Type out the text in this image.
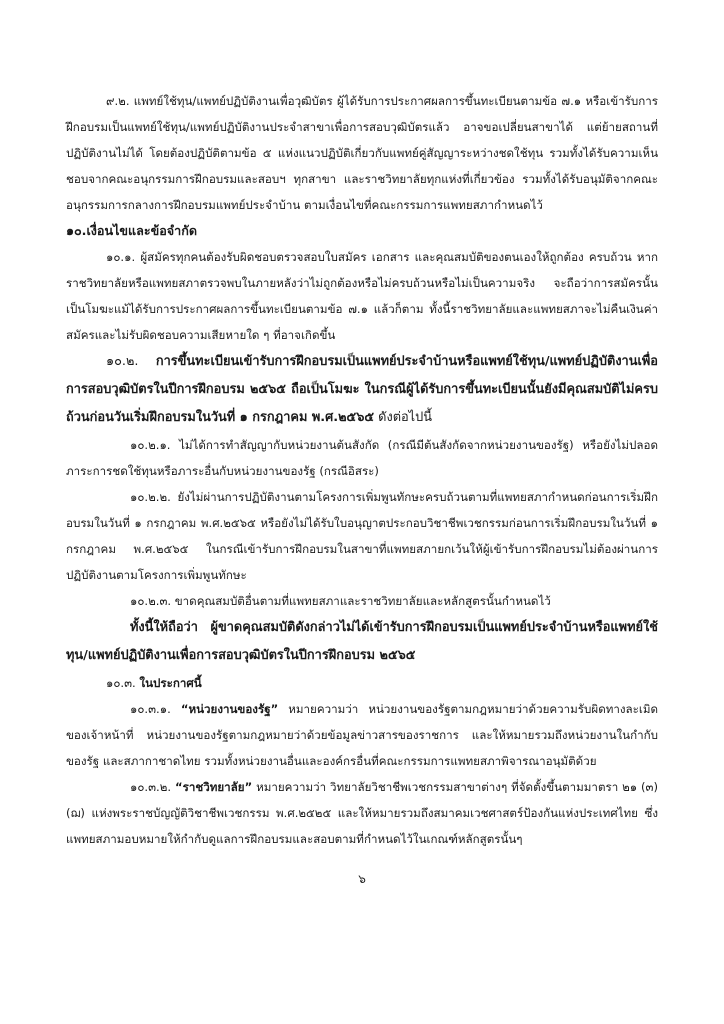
๙.๒. แพทย์ใช้ทุน/แพทย์ปฏิบัติงานเพื่อวุฒิบัตร ผู้ได้รับการประกาศผลการขึ้นทะเบียนตามข้อ ๗.๑ หรือเข้ารับการฝึกอบรมเป็นแพทย์ใช้ทุน/แพทย์ปฏิบัติงานประจำสาขาเพื่อการสอบวุฒิบัตรแล้ว อาจขอเปลี่ยนสาขาได้ แต่ย้ายสถานที่ปฏิบัติงานไม่ได้ โดยต้องปฏิบัติตามข้อ ๕ แห่งแนวปฏิบัติเกี่ยวกับแพทย์คู่สัญญาระหว่างชดใช้ทุน รวมทั้งได้รับความเห็นชอบจากคณะอนุกรรมการฝึกอบรมและสอบฯ ทุกสาขา และราชวิทยาลัยทุกแห่งที่เกี่ยวข้อง รวมทั้งได้รับอนุมัติจากคณะอนุกรรมการกลางการฝึกอบรมแพทย์ประจำบ้าน ตามเงื่อนไขที่คณะกรรมการแพทยสภากำหนดไว้

๑๐.เงื่อนไขและข้อจำกัด

๑๐.๑. ผู้สมัครทุกคนต้องรับผิดชอบตรวจสอบใบสมัคร เอกสาร และคุณสมบัติของตนเองให้ถูกต้อง ครบถ้วน หากราชวิทยาลัยหรือแพทยสภาตรวจพบในภายหลังว่าไม่ถูกต้องหรือไม่ครบถ้วนหรือไม่เป็นความจริง จะถือว่าการสมัครนั้นเป็นโมฆะแม้ได้รับการประกาศผลการขึ้นทะเบียนตามข้อ ๗.๑ แล้วก็ตาม ทั้งนี้ราชวิทยาลัยและแพทยสภาจะไม่คืนเงินค่าสมัครและไม่รับผิดชอบความเสียหายใด ๆ ที่อาจเกิดขึ้น

๑๐.๒. การขึ้นทะเบียนเข้ารับการฝึกอบรมเป็นแพทย์ประจำบ้านหรือแพทย์ใช้ทุน/แพทย์ปฏิบัติงานเพื่อการสอบวุฒิบัตรในปีการฝึกอบรม ๒๕๖๕ ถือเป็นโมฆะ ในกรณีผู้ได้รับการขึ้นทะเบียนนั้นยังมีคุณสมบัติไม่ครบถ้วนก่อนวันเริ่มฝึกอบรมในวันที่ ๑ กรกฎาคม พ.ศ.๒๕๖๕ ดังต่อไปนี้

๑๐.๒.๑. ไม่ได้การทำสัญญากับหน่วยงานต้นสังกัด (กรณีมีต้นสังกัดจากหน่วยงานของรัฐ) หรือยังไม่ปลอดภาระการชดใช้ทุนหรือภาระอื่นกับหน่วยงานของรัฐ (กรณีอิสระ)

๑๐.๒.๒. ยังไม่ผ่านการปฏิบัติงานตามโครงการเพิ่มพูนทักษะครบถ้วนตามที่แพทยสภากำหนดก่อนการเริ่มฝึกอบรมในวันที่ ๑ กรกฎาคม พ.ศ.๒๕๖๕ หรือยังไม่ได้รับใบอนุญาตประกอบวิชาชีพเวชกรรมก่อนการเริ่มฝึกอบรมในวันที่ ๑ กรกฎาคม พ.ศ.๒๕๖๕ ในกรณีเข้ารับการฝึกอบรมในสาขาที่แพทยสภายกเว้นให้ผู้เข้ารับการฝึกอบรมไม่ต้องผ่านการปฏิบัติงานตามโครงการเพิ่มพูนทักษะ

๑๐.๒.๓. ขาดคุณสมบัติอื่นตามที่แพทยสภาและราชวิทยาลัยและหลักสูตรนั้นกำหนดไว้

ทั้งนี้ให้ถือว่า ผู้ขาดคุณสมบัติดังกล่าวไม่ได้เข้ารับการฝึกอบรมเป็นแพทย์ประจำบ้านหรือแพทย์ใช้ทุน/แพทย์ปฏิบัติงานเพื่อการสอบวุฒิบัตรในปีการฝึกอบรม ๒๕๖๕

๑๐.๓. ในประกาศนี้

๑๐.๓.๑. “หน่วยงานของรัฐ” หมายความว่า หน่วยงานของรัฐตามกฎหมายว่าด้วยความรับผิดทางละเมิดของเจ้าหน้าที่ หน่วยงานของรัฐตามกฎหมายว่าด้วยข้อมูลข่าวสารของราชการ และให้หมายรวมถึงหน่วยงานในกำกับของรัฐ และสภากาชาดไทย รวมทั้งหน่วยงานอื่นและองค์กรอื่นที่คณะกรรมการแพทยสภาพิจารณาอนุมัติด้วย

๑๐.๓.๒. “ราชวิทยาลัย” หมายความว่า วิทยาลัยวิชาชีพเวชกรรมสาขาต่างๆ ที่จัดตั้งขึ้นตามมาตรา ๒๑ (๓) (ฌ) แห่งพระราชบัญญัติวิชาชีพเวชกรรม พ.ศ.๒๕๒๕ และให้หมายรวมถึงสมาคมเวชศาสตร์ป้องกันแห่งประเทศไทย ซึ่งแพทยสภามอบหมายให้กำกับดูแลการฝึกอบรมและสอบตามที่กำหนดไว้ในเกณฑ์หลักสูตรนั้นๆ

๖
